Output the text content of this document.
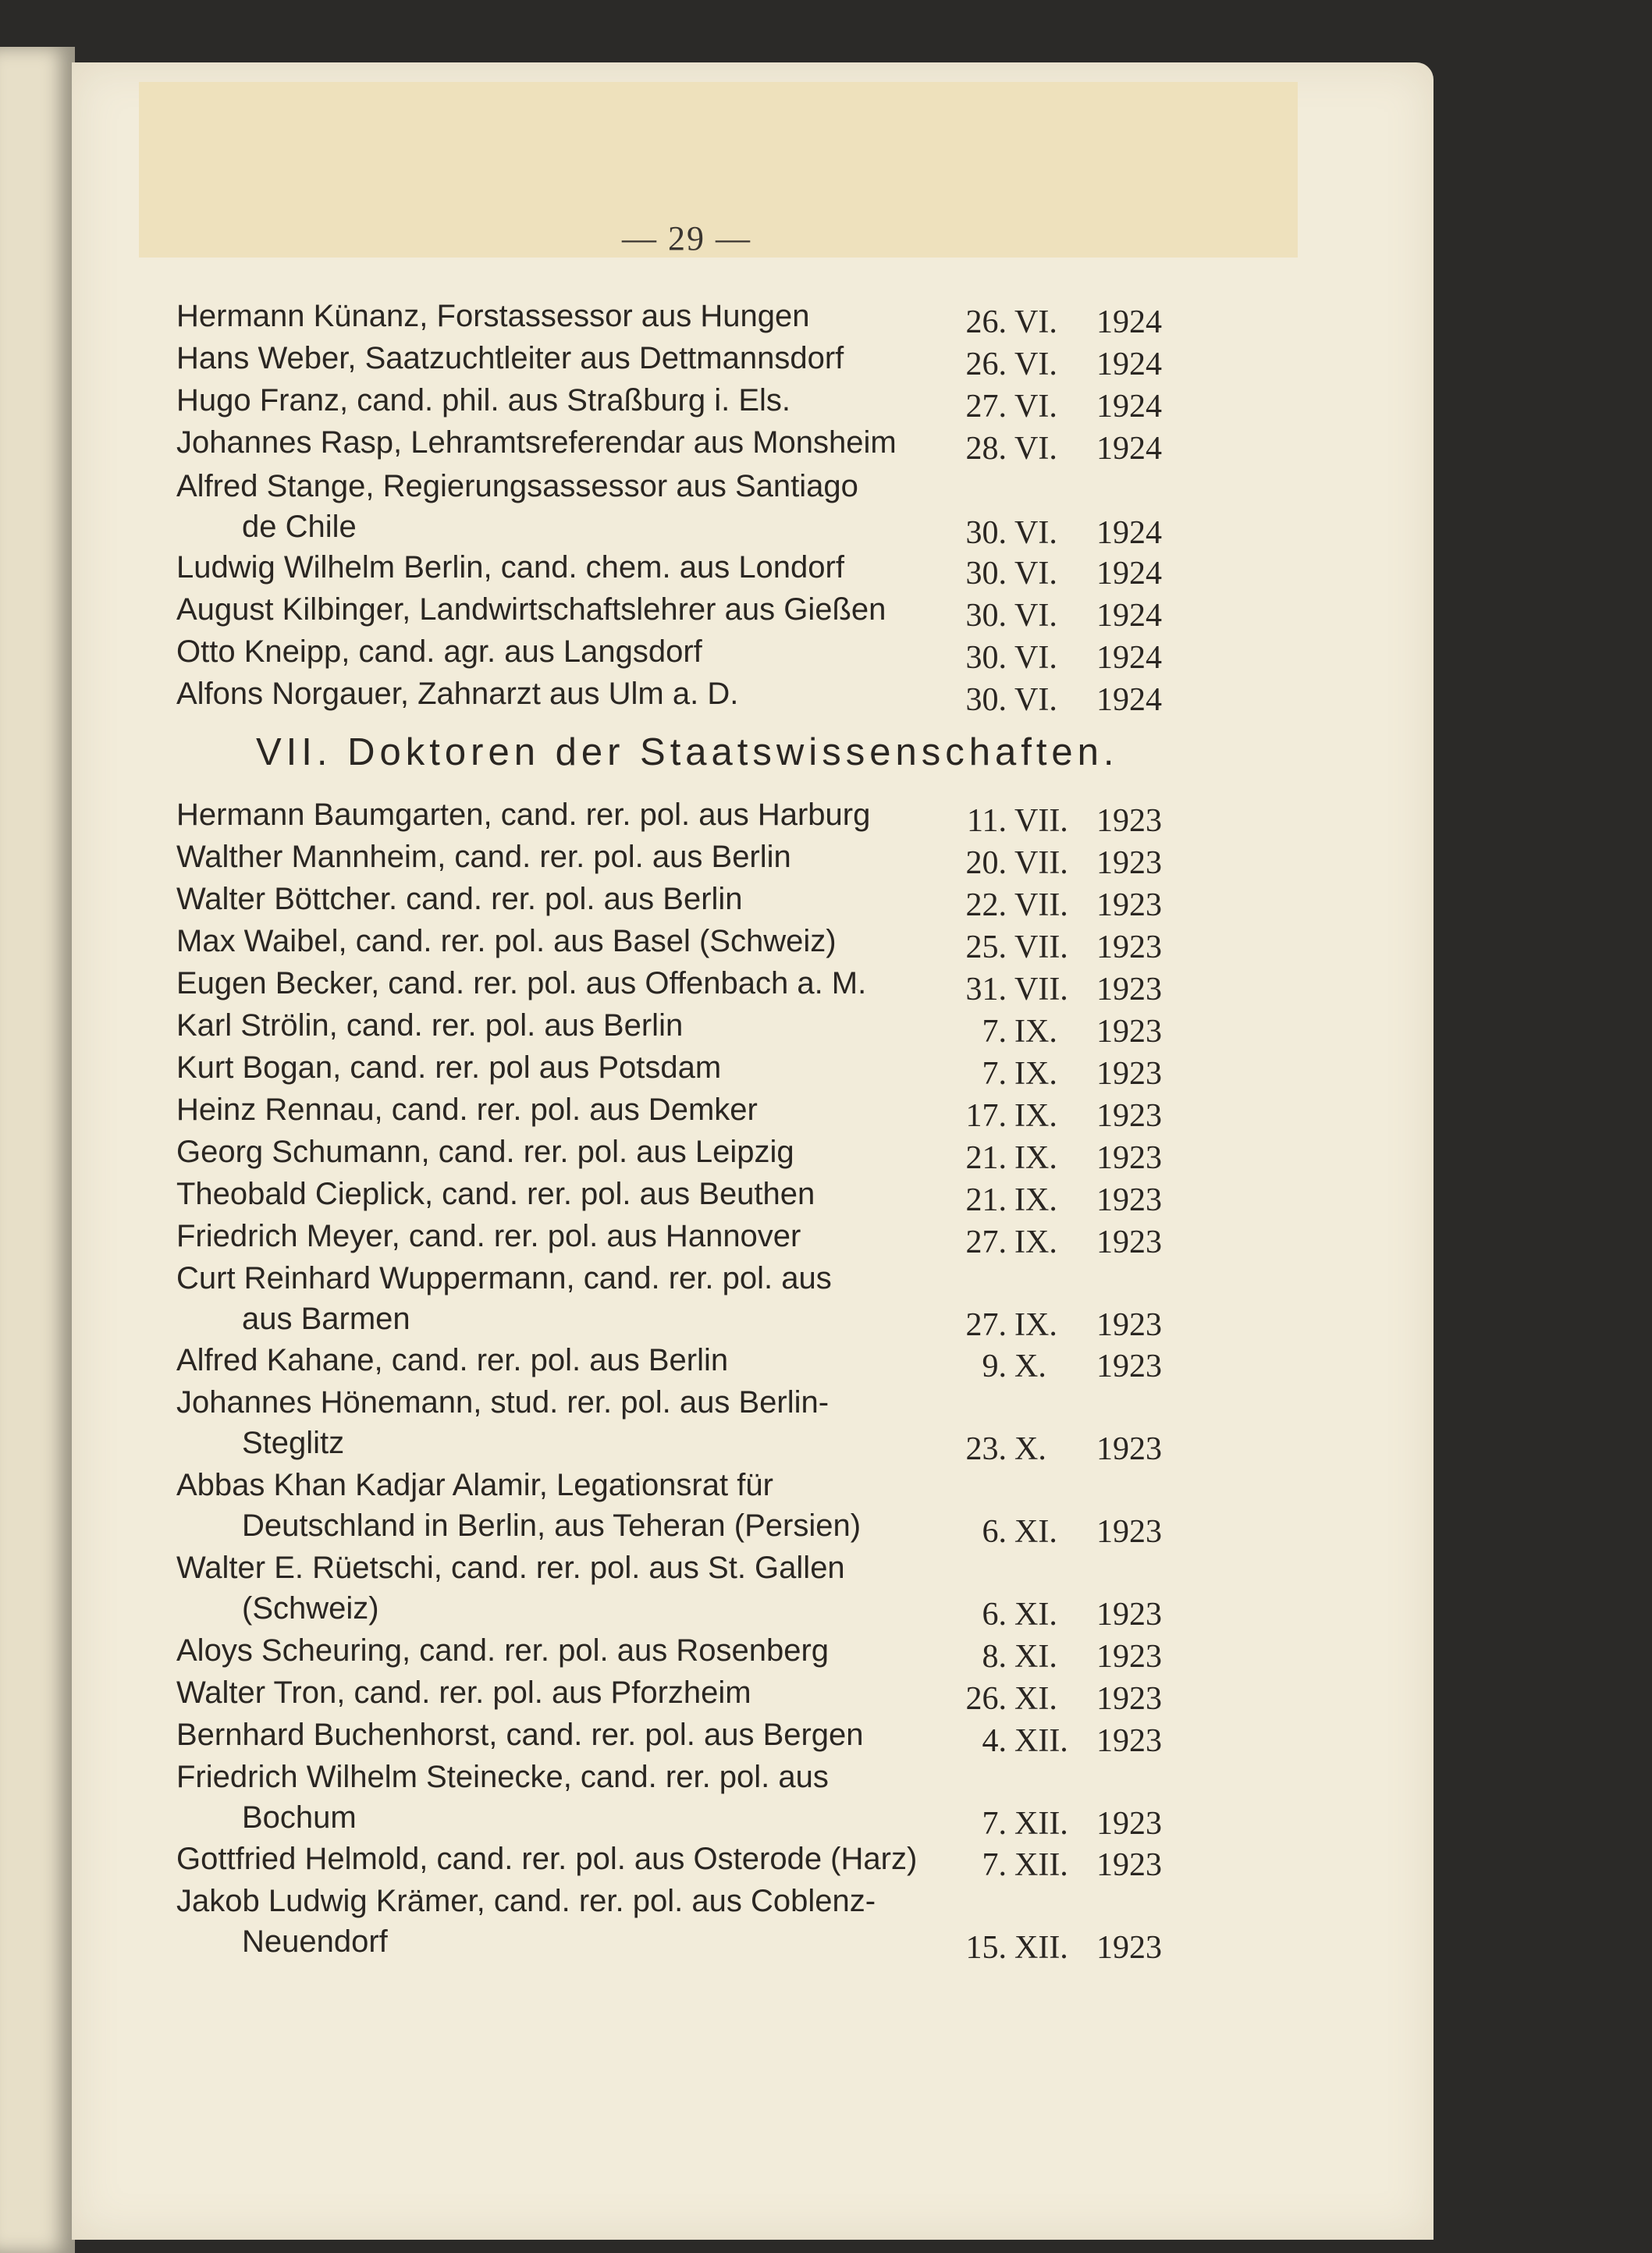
— 29 —
VII. Doktoren der Staatswissenschaften.
Hermann Künanz, Forstassessor aus Hungen	26. VI.	1924
Hans Weber, Saatzuchtleiter aus Dettmannsdorf	26. VI.	1924
Hugo Franz, cand. phil. aus Straßburg i. Els.	27. VI.	1924
Johannes Rasp, Lehramtsreferendar aus Monsheim	28. VI.	1924
Alfred Stange, Regierungsassessor aus Santiago
de Chile	30. VI.	1924
Ludwig Wilhelm Berlin, cand. chem. aus Londorf	30. VI.	1924
August Kilbinger, Landwirtschaftslehrer aus Gießen	30. VI.	1924
Otto Kneipp, cand. agr. aus Langsdorf	30. VI.	1924
Alfons Norgauer, Zahnarzt aus Ulm a. D.	30. VI.	1924
Hermann Baumgarten, cand. rer. pol. aus Harburg	11. VII. 1923
Walther Mannheim, cand. rer. pol. aus Berlin	20. VII. 1923
Walter Böttcher. cand. rer. pol. aus Berlin	22. VII. 1923
Max Waibel, cand. rer. pol. aus Basel (Schweiz)	25. VII. 1923
Eugen Becker, cand. rer. pol. aus Offenbach a. M.	31. VII. 1923
Karl Strölin, cand. rer. pol. aus Berlin	7. IX.	1923
Kurt Bogan, cand. rer. pol aus Potsdam	7. IX.	1923
Heinz Rennau, cand. rer. pol. aus Demker	17. IX.	1923
Georg Schumann, cand. rer. pol. aus Leipzig	21. IX.	1923
Theobald Cieplick, cand. rer. pol. aus Beuthen	21. IX.	1923
Friedrich Meyer, cand. rer. pol. aus Hannover	27. IX.	1923
Curt Reinhard Wuppermann, cand. rer. pol. aus
aus Barmen	27. IX.	1923
Alfred Kahane, cand. rer. pol. aus Berlin	9. X.	1923
Johannes Hönemann, stud. rer. pol. aus Berlin-
Steglitz	23. X.	1923
Abbas Khan Kadjar Alamir, Legationsrat für
Deutschland in Berlin, aus Teheran (Persien)	6. XI.	1923
Walter E. Rüetschi, cand. rer. pol. aus St. Gallen
(Schweiz)	6. XI.	1923
Aloys Scheuring, cand. rer. pol. aus Rosenberg	8. XI.	1923
Walter Tron, cand. rer. pol. aus Pforzheim	26. XI.	1923
Bernhard Buchenhorst, cand. rer. pol. aus Bergen	4. XII. 1923
Friedrich Wilhelm Steinecke, cand. rer. pol. aus
Bochum	7. XII. 1923
Gottfried Helmold, cand. rer. pol. aus Osterode (Harz)	7. XII. 1923
Jakob Ludwig Krämer, cand. rer. pol. aus Coblenz-
Neuendorf	15. XII. 1923
